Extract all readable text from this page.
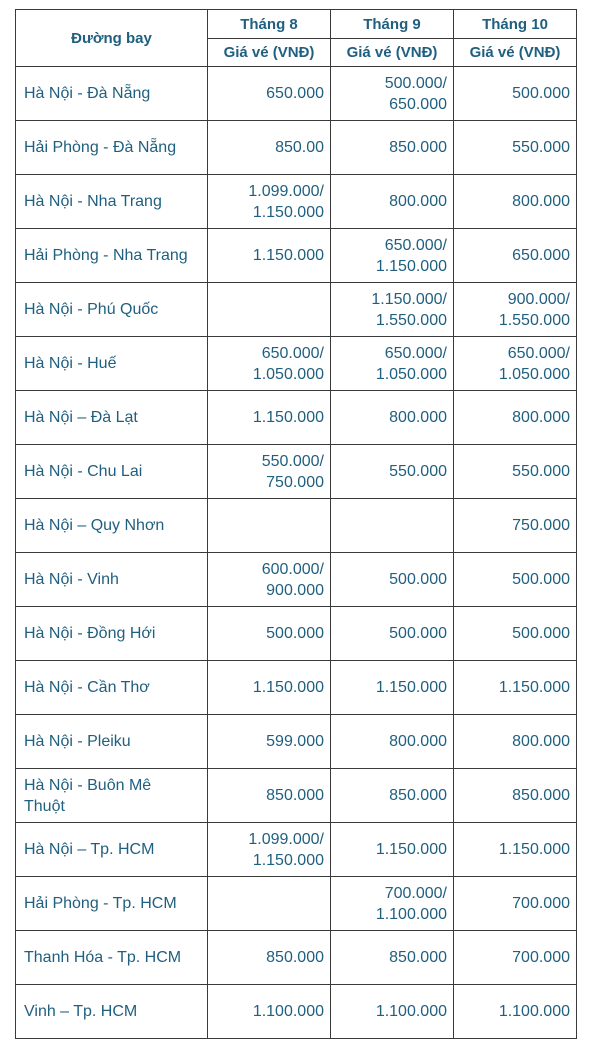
Đường bay	Tháng 8	Tháng 9	Tháng 10
	Giá vé (VNĐ)	Giá vé (VNĐ)	Giá vé (VNĐ)

Hà Nội - Đà Nẵng	650.000	500.000/
650.000	500.000

Hải Phòng - Đà Nẵng	850.00	850.000	550.000

Hà Nội - Nha Trang	1.099.000/
1.150.000	800.000	800.000

Hải Phòng - Nha Trang	1.150.000	650.000/
1.150.000	650.000

Hà Nội - Phú Quốc		1.150.000/
1.550.000	900.000/
1.550.000

Hà Nội - Huế	650.000/
1.050.000	650.000/
1.050.000	650.000/
1.050.000

Hà Nội – Đà Lạt	1.150.000	800.000	800.000

Hà Nội - Chu Lai	550.000/
750.000	550.000	550.000

Hà Nội – Quy Nhơn			750.000

Hà Nội - Vinh	600.000/
900.000	500.000	500.000

Hà Nội - Đồng Hới	500.000	500.000	500.000

Hà Nội - Cần Thơ	1.150.000	1.150.000	1.150.000

Hà Nội - Pleiku	599.000	800.000	800.000

Hà Nội - Buôn Mê
Thuột	850.000	850.000	850.000

Hà Nội – Tp. HCM	1.099.000/
1.150.000	1.150.000	1.150.000

Hải Phòng - Tp. HCM		700.000/
1.100.000	700.000

Thanh Hóa - Tp. HCM	850.000	850.000	700.000

Vinh – Tp. HCM	1.100.000	1.100.000	1.100.000
